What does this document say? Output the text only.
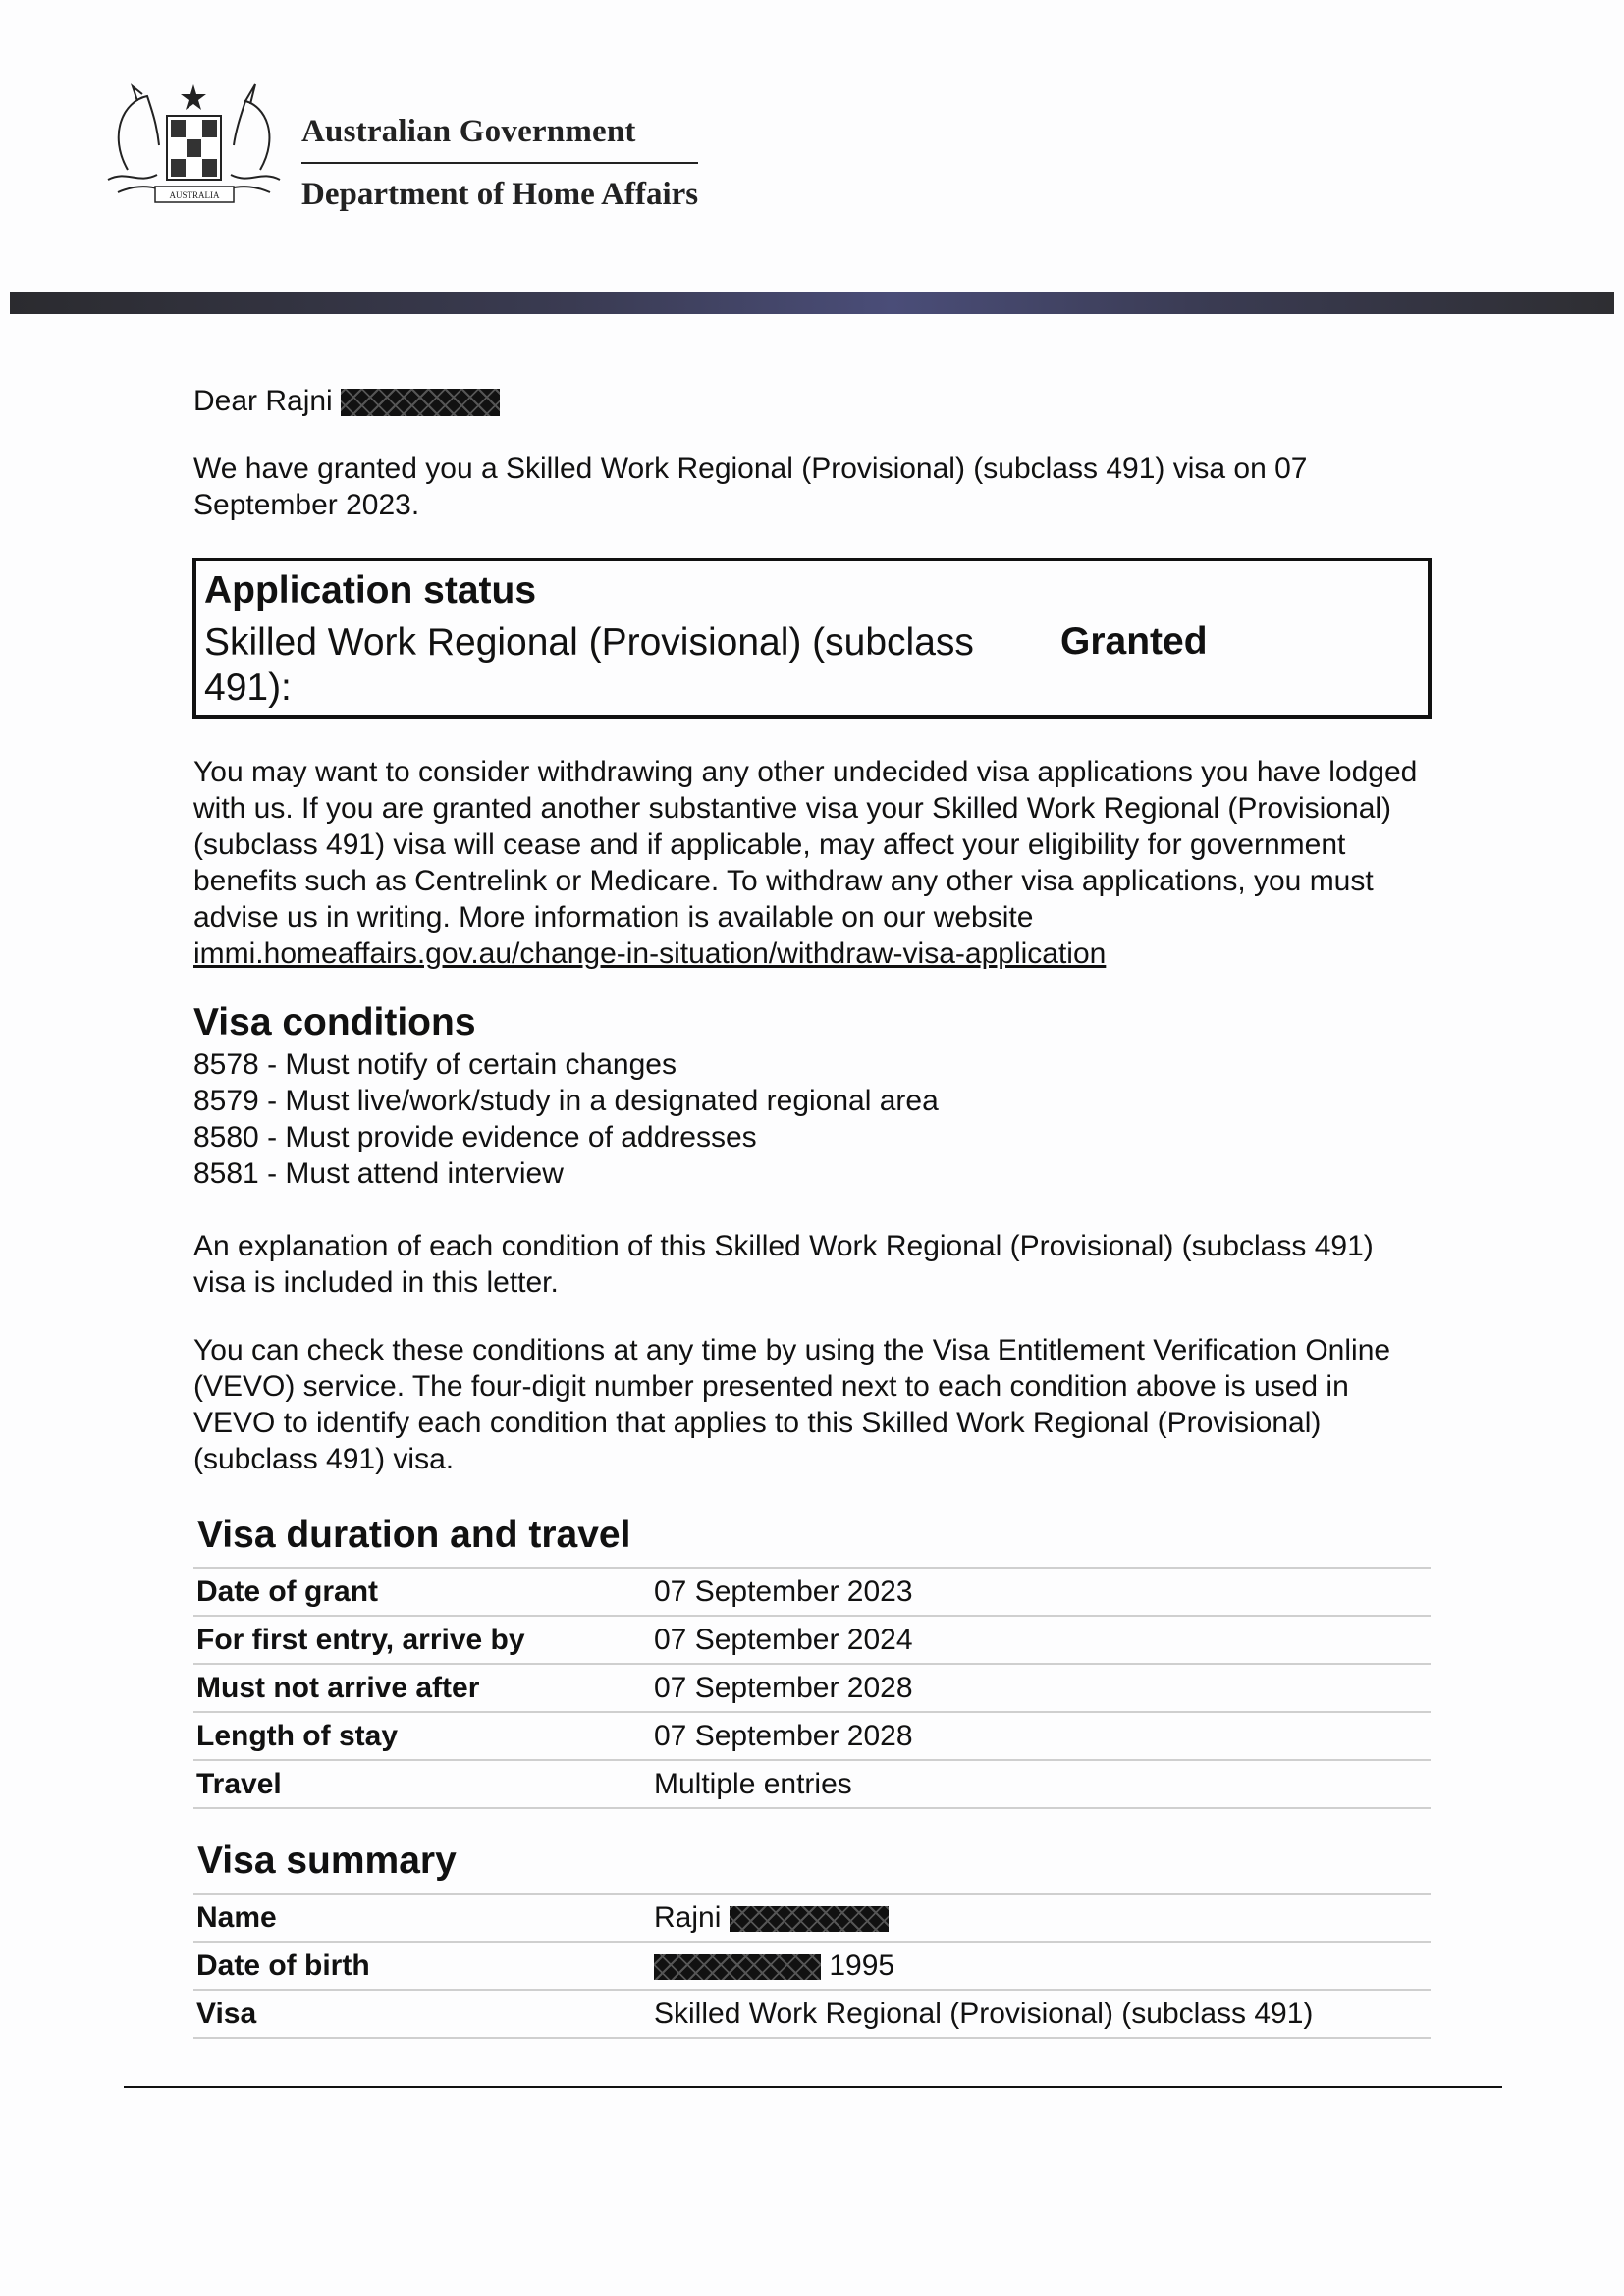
AUSTRALIA
Australian Government
Department of Home Affairs

Dear Rajni

We have granted you a Skilled Work Regional (Provisional) (subclass 491) visa on 07 September 2023.

Application status
Skilled Work Regional (Provisional) (subclass 491):
Granted

You may want to consider withdrawing any other undecided visa applications you have lodged with us. If you are granted another substantive visa your Skilled Work Regional (Provisional) (subclass 491) visa will cease and if applicable, may affect your eligibility for government benefits such as Centrelink or Medicare. To withdraw any other visa applications, you must advise us in writing. More information is available on our website
immi.homeaffairs.gov.au/change-in-situation/withdraw-visa-application

Visa conditions

8578 - Must notify of certain changes

8579 - Must live/work/study in a designated regional area

8580 - Must provide evidence of addresses

8581 - Must attend interview

An explanation of each condition of this Skilled Work Regional (Provisional) (subclass 491) visa is included in this letter.

You can check these conditions at any time by using the Visa Entitlement Verification Online (VEVO) service. The four-digit number presented next to each condition above is used in VEVO to identify each condition that applies to this Skilled Work Regional (Provisional) (subclass 491) visa.

Visa duration and travel
Date of grant	07 September 2023
For first entry, arrive by	07 September 2024
Must not arrive after	07 September 2028
Length of stay	07 September 2028
Travel	Multiple entries
Visa summary
Name	Rajni
Date of birth	1995
Visa	Skilled Work Regional (Provisional) (subclass 491)
